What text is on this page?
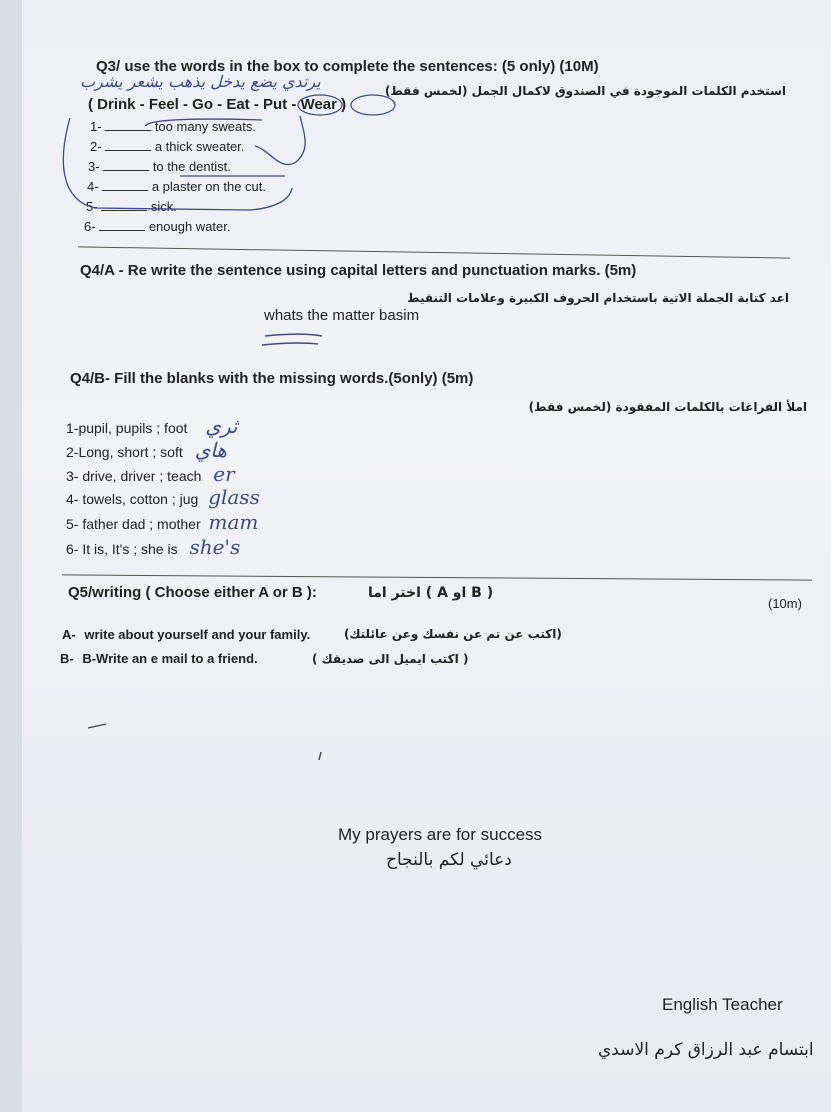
Q3/ use the words in the box to complete the sentences: (5 only) (10M)
استخدم الكلمات الموجودة في الصندوق لاكمال الجمل (لخمس فقط)
يرتدي يضع يدخل يذهب يشعر يشرب
( Drink - Feel - Go - Eat - Put - Wear )
1-	too many sweats.
2-	a thick sweater.
3-	to the dentist.
4-	a plaster on the cut.
5-	sick.
6-	enough water.
Q4/A - Re write the sentence using capital letters and punctuation marks. (5m)
اعد كتابة الجملة الاتية باستخدام الحروف الكبيرة وعلامات التنقيط
whats the matter basim
Q4/B- Fill the blanks with the missing words.(5only) (5m)
املأ الفراغات بالكلمات المفقودة (لخمس فقط)
1-pupil, pupils ; foot ثري
2-Long, short ; soft هاي
3- drive, driver ; teach er
4- towels, cotton ; jug glass
5- father dad ; mother mam
6- It is, It's ; she is she's
Q5/writing ( Choose either A or B ):	( B او A ) اختر اما
(10m)
A- write about yourself and your family.	(اكتب عن تم عن نفسك وعن عائلتك)
B- B-Write an e mail to a friend.	( اكتب ايميل الى صديقك )
My prayers are for success
دعائي لكم بالنجاح
English Teacher
ابتسام عبد الرزاق كرم الاسدي
